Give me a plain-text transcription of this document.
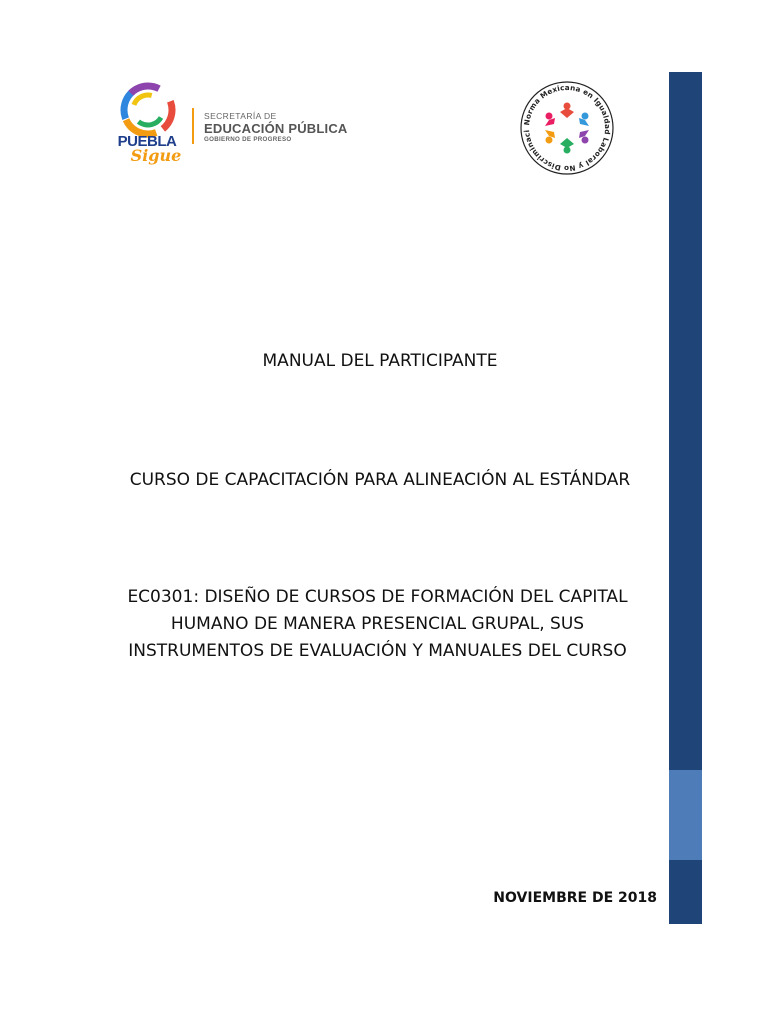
PUEBLA
Sigue
SECRETARÍA DE
EDUCACIÓN PÚBLICA
GOBIERNO DE PROGRESO
Norma Mexicana en Igualdad Laboral y No Discriminaci
MANUAL DEL PARTICIPANTE
CURSO DE CAPACITACIÓN PARA ALINEACIÓN AL ESTÁNDAR
EC0301: DISEÑO DE CURSOS DE FORMACIÓN DEL CAPITAL
HUMANO DE MANERA PRESENCIAL GRUPAL, SUS
INSTRUMENTOS DE EVALUACIÓN Y MANUALES DEL CURSO
NOVIEMBRE DE 2018
